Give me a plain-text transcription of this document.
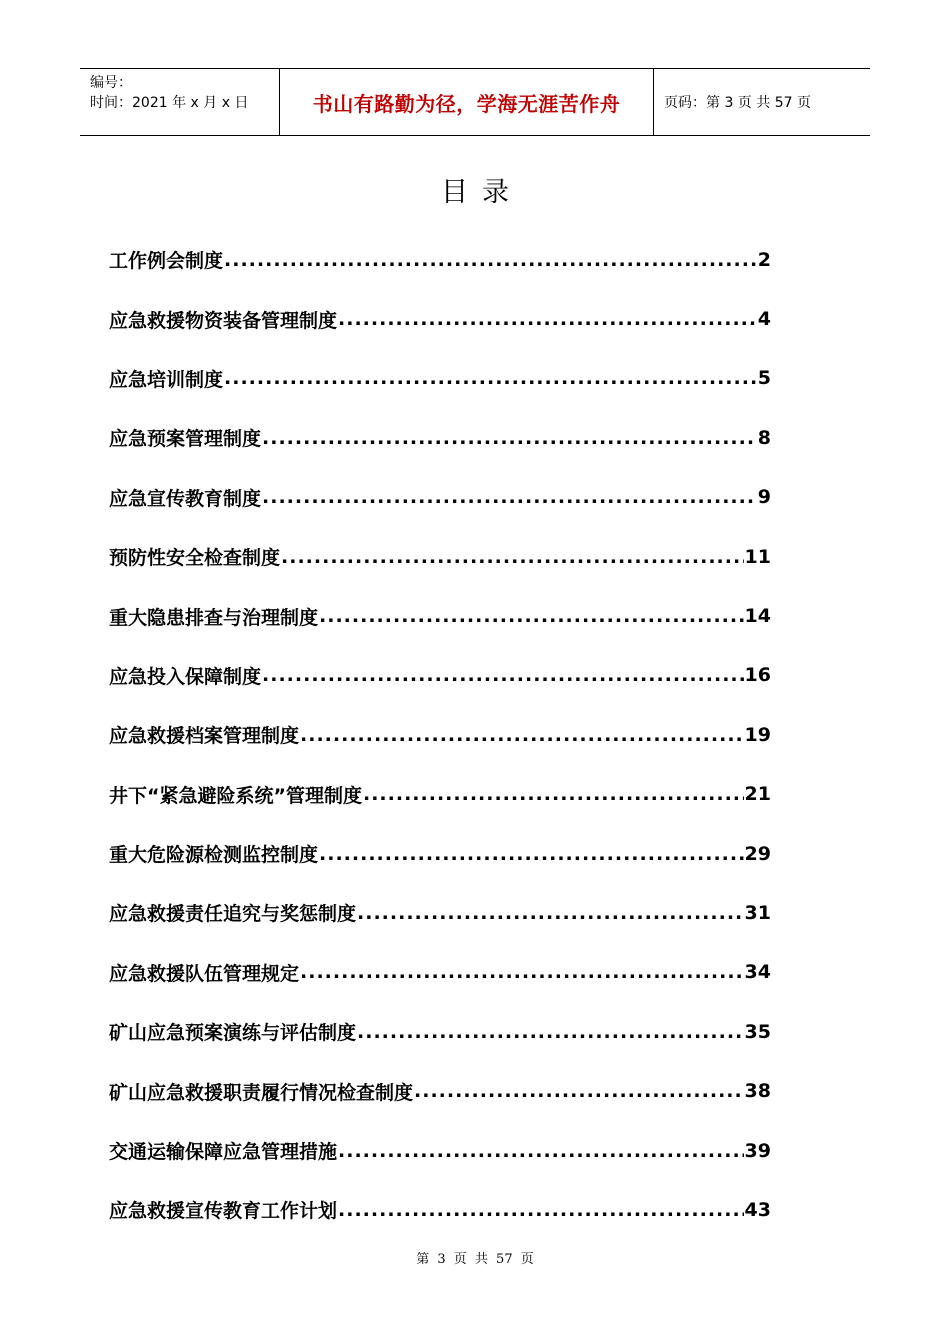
编号：
时间：2021 年 x 月 x 日	书山有路勤为径，学海无涯苦作舟	页码：第 3 页 共 57 页
目录
工作例会制度 .....	2
应急救援物资装备管理制度 .....	4
应急培训制度 .....	5
应急预案管理制度 .....	8
应急宣传教育制度 .....	9
预防性安全检查制度 .....	11
重大隐患排查与治理制度 .....	14
应急投入保障制度 .....	16
应急救援档案管理制度 .....	19
井下“紧急避险系统”管理制度 .....	21
重大危险源检测监控制度 .....	29
应急救援责任追究与奖惩制度 .....	31
应急救援队伍管理规定 .....	34
矿山应急预案演练与评估制度 .....	35
矿山应急救援职责履行情况检查制度 .....	38
交通运输保障应急管理措施 .....	39
应急救援宣传教育工作计划 .....	43
第 3 页 共 57 页
